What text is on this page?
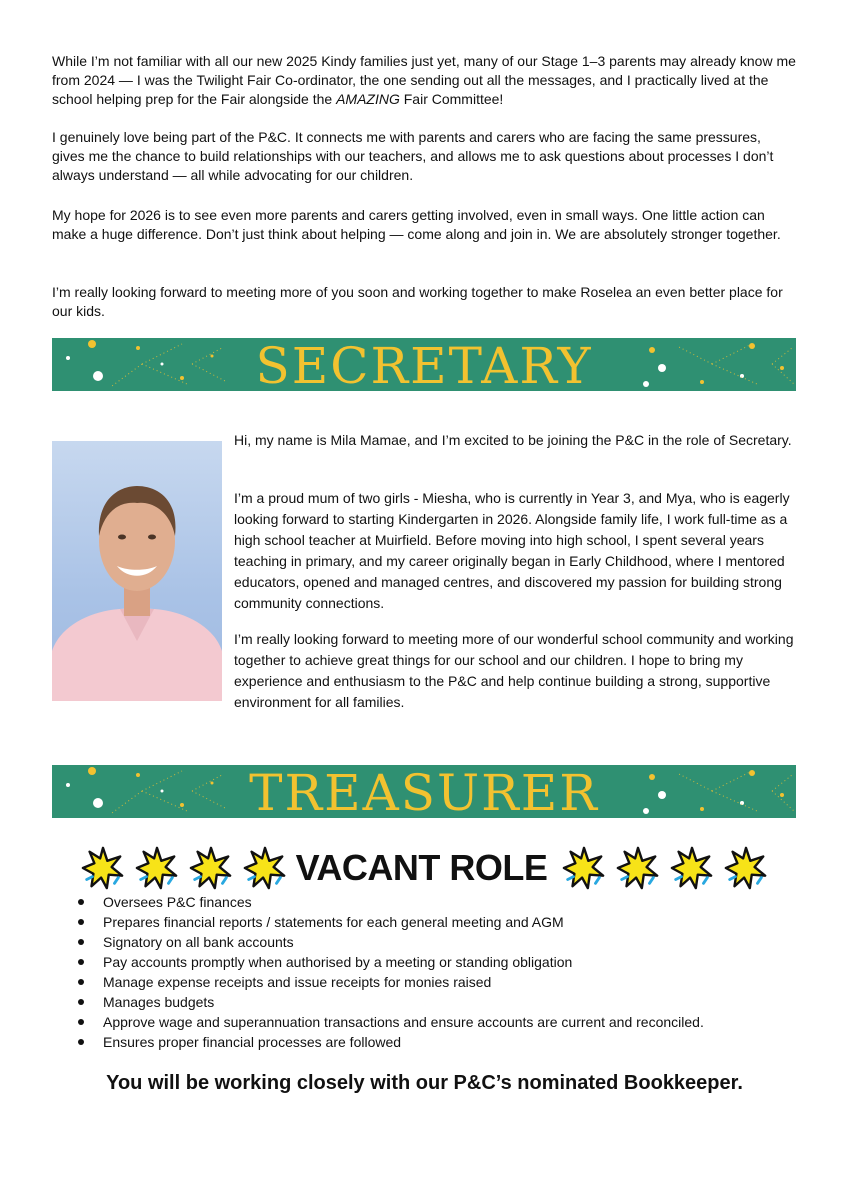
While I’m not familiar with all our new 2025 Kindy families just yet, many of our Stage 1–3 parents may already know me from 2024 — I was the Twilight Fair Co-ordinator, the one sending out all the messages, and I practically lived at the school helping prep for the Fair alongside the AMAZING Fair Committee!

I genuinely love being part of the P&C. It connects me with parents and carers who are facing the same pressures, gives me the chance to build relationships with our teachers, and allows me to ask questions about processes I don’t always understand — all while advocating for our children.

My hope for 2026 is to see even more parents and carers getting involved, even in small ways. One little action can make a huge difference. Don’t just think about helping — come along and join in. We are absolutely stronger together.

I’m really looking forward to meeting more of you soon and working together to make Roselea an even better place for our kids.

SECRETARY

Hi, my name is Mila Mamae, and I’m excited to be joining the P&C in the role of Secretary.

I’m a proud mum of two girls - Miesha, who is currently in Year 3, and Mya, who is eagerly looking forward to starting Kindergarten in 2026. Alongside family life, I work full-time as a high school teacher at Muirfield. Before moving into high school, I spent several years teaching in primary, and my career originally began in Early Childhood, where I mentored educators, opened and managed centres, and discovered my passion for building strong community connections.

I’m really looking forward to meeting more of our wonderful school community and working together to achieve great things for our school and our children. I hope to bring my experience and enthusiasm to the P&C and help continue building a strong, supportive environment for all families.

TREASURER
VACANT ROLE
Oversees P&C finances
Prepares financial reports / statements for each general meeting and AGM
Signatory on all bank accounts
Pay accounts promptly when authorised by a meeting or standing obligation
Manage expense receipts and issue receipts for monies raised
Manages budgets
Approve wage and superannuation transactions and ensure accounts are current and reconciled.
Ensures proper financial processes are followed

You will be working closely with our P&C’s nominated Bookkeeper.
